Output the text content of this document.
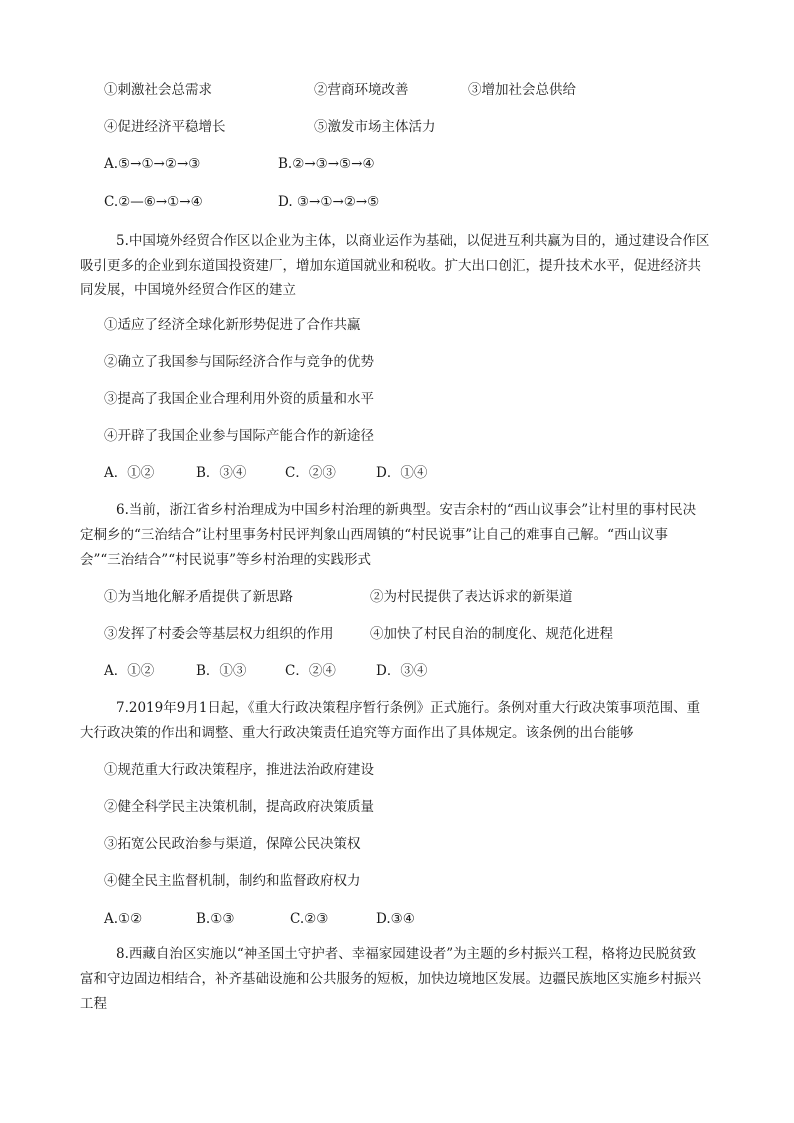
①刺激社会总需求	②营商环境改善	③增加社会总供给
④促进经济平稳增长	⑤激发市场主体活力
A.⑤→①→②→③	B.②→③→⑤→④
C.②—⑥→①→④	D. ③→①→②→⑤
5.中国境外经贸合作区以企业为主体，以商业运作为基础，以促进互利共赢为目的，通过建设合作区
吸引更多的企业到东道国投资建厂，增加东道国就业和税收。扩大出口创汇，提升技术水平，促进经济共
同发展，中国境外经贸合作区的建立
①适应了经济全球化新形势促进了合作共赢
②确立了我国参与国际经济合作与竞争的优势
③提高了我国企业合理利用外资的质量和水平
④开辟了我国企业参与国际产能合作的新途径
A．①②	B．③④	C．②③	D．①④
6.当前，浙江省乡村治理成为中国乡村治理的新典型。安吉余村的“西山议事会”让村里的事村民决
定桐乡的“三治结合”让村里事务村民评判象山西周镇的“村民说事”让自己的难事自己解。“西山议事
会”“三治结合”“村民说事”等乡村治理的实践形式
①为当地化解矛盾提供了新思路	②为村民提供了表达诉求的新渠道
③发挥了村委会等基层权力组织的作用	④加快了村民自治的制度化、规范化进程
A．①②	B．①③	C．②④	D．③④
7.2019年9月1日起，《重大行政决策程序暂行条例》正式施行。条例对重大行政决策事项范围、重
大行政决策的作出和调整、重大行政决策责任追究等方面作出了具体规定。该条例的出台能够
①规范重大行政决策程序，推进法治政府建设
②健全科学民主决策机制，提高政府决策质量
③拓宽公民政治参与渠道，保障公民决策权
④健全民主监督机制，制约和监督政府权力
A.①②	B.①③	C.②③	D.③④
8.西藏自治区实施以“神圣国土守护者、幸福家园建设者”为主题的乡村振兴工程，格将边民脱贫致
富和守边固边相结合，补齐基础设施和公共服务的短板，加快边境地区发展。边疆民族地区实施乡村振兴
工程
